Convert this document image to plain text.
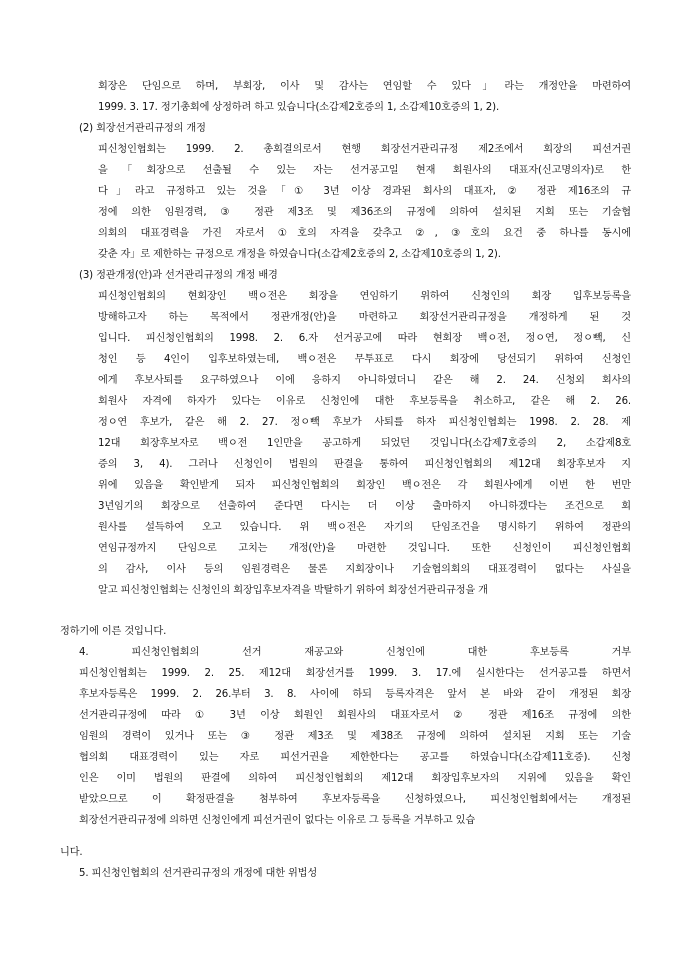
회장은 단임으로 하며, 부회장, 이사 및 감사는 연임할 수 있다」라는 개정안을 마련하여
1999. 3. 17. 정기총회에 상정하려 하고 있습니다(소갑제2호증의 1, 소갑제10호증의 1, 2).
(2) 회장선거관리규정의 개정
피신청인협회는 1999. 2. 총회결의로서 현행 회장선거관리규정 제2조에서 회장의 피선거권
을「회장으로 선출될 수 있는 자는 선거공고일 현재 회원사의 대표자(신고명의자)로 한
다」라고 규정하고 있는 것을「① 3년 이상 경과된 회사의 대표자, ② 정관 제16조의 규
정에 의한 임원경력, ③ 정관 제3조 및 제36조의 규정에 의하여 설치된 지회 또는 기술협
의회의 대표경력을 가진 자로서 ①호의 자격을 갖추고 ②, ③호의 요건 중 하나를 동시에
갖춘 자」로 제한하는 규정으로 개정을 하였습니다(소갑제2호증의 2, 소갑제10호증의 1, 2).
(3) 정관개정(안)과 선거관리규정의 개정 배경
피신청인협회의 현회장인 백ㅇ전은 회장을 연임하기 위하여 신청인의 회장 입후보등록을
방해하고자 하는 목적에서 정관개정(안)을 마련하고 회장선거관리규정을 개정하게 된 것
입니다. 피신청인협회의 1998. 2. 6.자 선거공고에 따라 현회장 백ㅇ전, 정ㅇ연, 정ㅇ빽, 신
청인 등 4인이 입후보하였는데, 백ㅇ전은 무투표로 다시 회장에 당선되기 위하여 신청인
에게 후보사퇴를 요구하였으나 이에 응하지 아니하였더니 같은 해 2. 24. 신청외 회사의
회원사 자격에 하자가 있다는 이유로 신청인에 대한 후보등록을 취소하고, 같은 해 2. 26.
정ㅇ연 후보가, 같은 해 2. 27. 정ㅇ빽 후보가 사퇴를 하자 피신청인협회는 1998. 2. 28. 제
12대 회장후보자로 백ㅇ전 1인만을 공고하게 되었던 것입니다(소갑제7호증의 2, 소갑제8호
증의 3, 4). 그러나 신청인이 법원의 판결을 통하여 피신청인협회의 제12대 회장후보자 지
위에 있음을 확인받게 되자 피신청인협회의 회장인 백ㅇ전은 각 회원사에게 이번 한 번만
3년임기의 회장으로 선출하여 준다면 다시는 더 이상 출마하지 아니하겠다는 조건으로 회
원사를 설득하여 오고 있습니다. 위 백ㅇ전은 자기의 단임조건을 명시하기 위하여 정관의
연임규정까지 단임으로 고치는 개정(안)을 마련한 것입니다. 또한 신청인이 피신청인협회
의 감사, 이사 등의 임원경력은 물론 지회장이나 기술협의회의 대표경력이 없다는 사실을
알고 피신청인협회는 신청인의 회장입후보자격을 박탈하기 위하여 회장선거관리규정을 개
정하기에 이른 것입니다.
4. 피신청인협회의 선거 재공고와 신청인에 대한 후보등록 거부
피신청인협회는 1999. 2. 25. 제12대 회장선거를 1999. 3. 17.에 실시한다는 선거공고를 하면서
후보자등록은 1999. 2. 26.부터 3. 8. 사이에 하되 등록자격은 앞서 본 바와 같이 개정된 회장
선거관리규정에 따라 ① 3년 이상 회원인 회원사의 대표자로서 ② 정관 제16조 규정에 의한
임원의 경력이 있거나 또는 ③ 정관 제3조 및 제38조 규정에 의하여 설치된 지회 또는 기술
협의회 대표경력이 있는 자로 피선거권을 제한한다는 공고를 하였습니다(소갑제11호증). 신청
인은 이미 법원의 판결에 의하여 피신청인협회의 제12대 회장입후보자의 지위에 있음을 확인
받았으므로 이 확정판결을 첨부하여 후보자등록을 신청하였으나, 피신청인협회에서는 개정된
회장선거관리규정에 의하면 신청인에게 피선거권이 없다는 이유로 그 등록을 거부하고 있습
니다.
5. 피신청인협회의 선거관리규정의 개정에 대한 위법성
